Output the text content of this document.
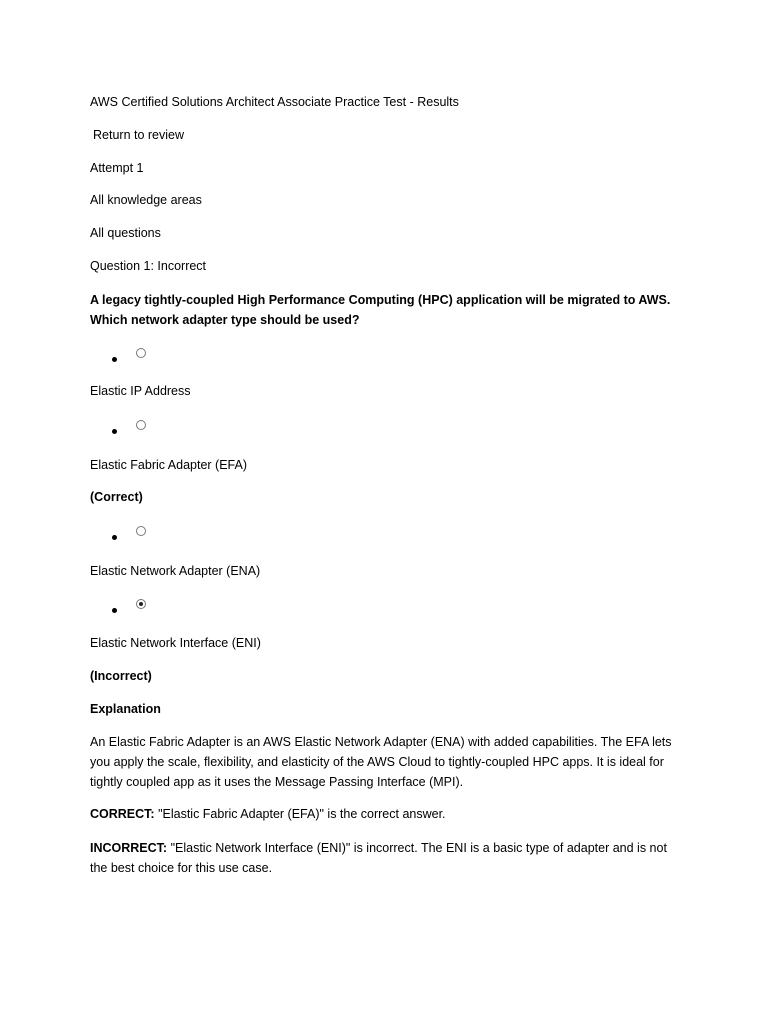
AWS Certified Solutions Architect Associate Practice Test - Results
Return to review
Attempt 1
All knowledge areas
All questions
Question 1: Incorrect
A legacy tightly-coupled High Performance Computing (HPC) application will be migrated to AWS. Which network adapter type should be used?
Elastic IP Address
Elastic Fabric Adapter (EFA)
(Correct)
Elastic Network Adapter (ENA)
Elastic Network Interface (ENI)
(Incorrect)
Explanation
An Elastic Fabric Adapter is an AWS Elastic Network Adapter (ENA) with added capabilities. The EFA lets you apply the scale, flexibility, and elasticity of the AWS Cloud to tightly-coupled HPC apps. It is ideal for tightly coupled app as it uses the Message Passing Interface (MPI).
CORRECT: "Elastic Fabric Adapter (EFA)" is the correct answer.
INCORRECT: "Elastic Network Interface (ENI)" is incorrect. The ENI is a basic type of adapter and is not the best choice for this use case.
